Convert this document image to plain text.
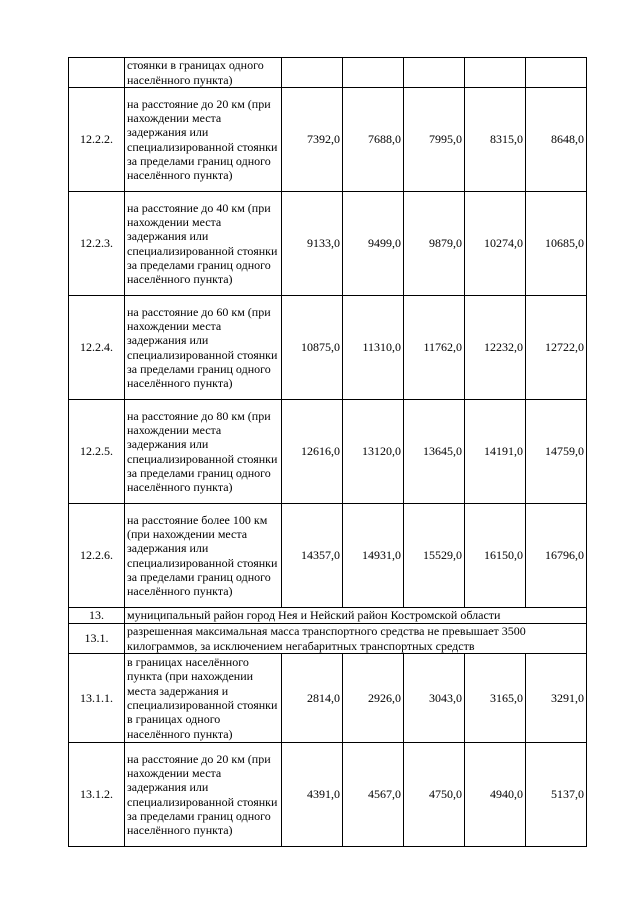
	стоянки в границах одного населённого пункта)					
12.2.2.	на расстояние до 20 км (при нахождении места задержания или специализированной стоянки за пределами границ одного населённого пункта)	7392,0	7688,0	7995,0	8315,0	8648,0
12.2.3.	на расстояние до 40 км (при нахождении места задержания или специализированной стоянки за пределами границ одного населённого пункта)	9133,0	9499,0	9879,0	10274,0	10685,0
12.2.4.	на расстояние до 60 км (при нахождении места задержания или специализированной стоянки за пределами границ одного населённого пункта)	10875,0	11310,0	11762,0	12232,0	12722,0
12.2.5.	на расстояние до 80 км (при нахождении места задержания или специализированной стоянки за пределами границ одного населённого пункта)	12616,0	13120,0	13645,0	14191,0	14759,0
12.2.6.	на расстояние более 100 км (при нахождении места задержания или специализированной стоянки за пределами границ одного населённого пункта)	14357,0	14931,0	15529,0	16150,0	16796,0
13.	муниципальный район город Нея и Нейский район Костромской области					
13.1.	разрешенная максимальная масса транспортного средства не превышает 3500 килограммов, за исключением негабаритных транспортных средств					
13.1.1.	в границах населённого пункта (при нахождении места задержания и специализированной стоянки в границах одного населённого пункта)	2814,0	2926,0	3043,0	3165,0	3291,0
13.1.2.	на расстояние до 20 км (при нахождении места задержания или специализированной стоянки за пределами границ одного населённого пункта)	4391,0	4567,0	4750,0	4940,0	5137,0
